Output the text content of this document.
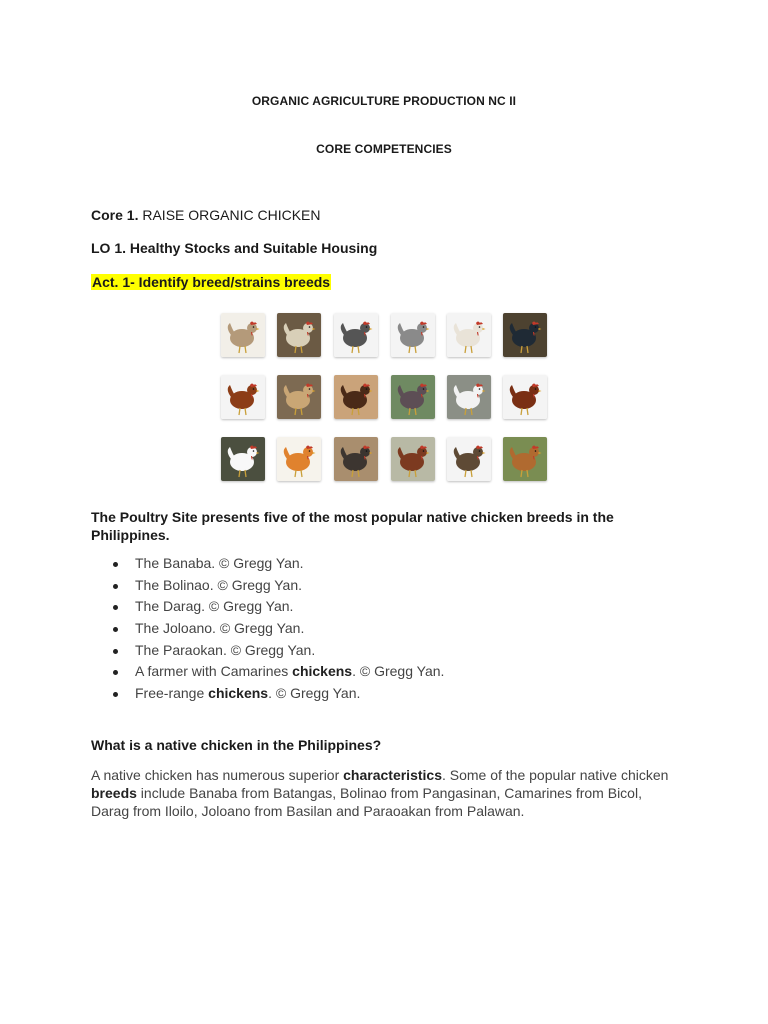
ORGANIC AGRICULTURE PRODUCTION NC II
CORE COMPETENCIES
Core 1. RAISE ORGANIC CHICKEN
LO 1. Healthy Stocks and Suitable Housing
Act. 1- Identify breed/strains breeds
The Poultry Site presents five of the most popular native chicken breeds in the Philippines.
The Banaba. © Gregg Yan.
The Bolinao. © Gregg Yan.
The Darag. © Gregg Yan.
The Joloano. © Gregg Yan.
The Paraokan. © Gregg Yan.
A farmer with Camarines chickens. © Gregg Yan.
Free-range chickens. © Gregg Yan.
What is a native chicken in the Philippines?
A native chicken has numerous superior characteristics. Some of the popular native chicken breeds include Banaba from Batangas, Bolinao from Pangasinan, Camarines from Bicol, Darag from Iloilo, Joloano from Basilan and Paraoakan from Palawan.
